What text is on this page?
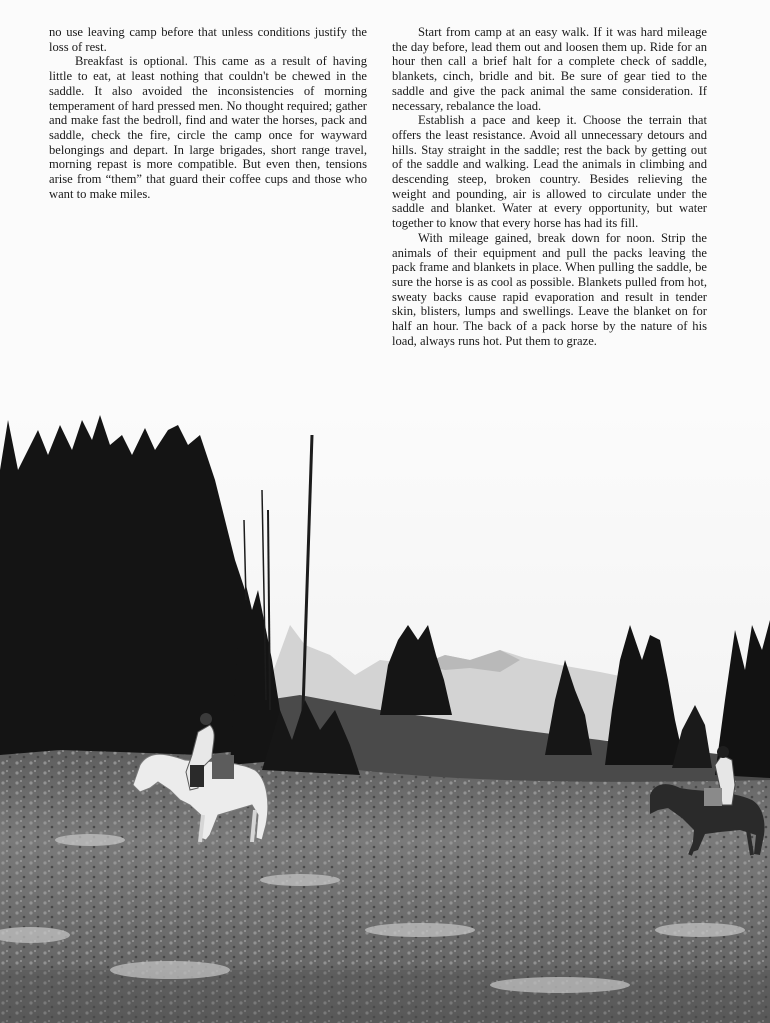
no use leaving camp before that unless conditions justify the loss of rest.

Breakfast is optional. This came as a result of having little to eat, at least nothing that couldn't be chewed in the saddle. It also avoided the inconsistencies of morning temperament of hard pressed men. No thought required; gather and make fast the bedroll, find and water the horses, pack and saddle, check the fire, circle the camp once for wayward belongings and depart. In large brigades, short range travel, morning repast is more compatible. But even then, tensions arise from “them” that guard their coffee cups and those who want to make miles.

Start from camp at an easy walk. If it was hard mileage the day before, lead them out and loosen them up. Ride for an hour then call a brief halt for a complete check of saddle, blankets, cinch, bridle and bit. Be sure of gear tied to the saddle and give the pack animal the same consideration. If necessary, rebalance the load.

Establish a pace and keep it. Choose the terrain that offers the least resistance. Avoid all unnecessary detours and hills. Stay straight in the saddle; rest the back by getting out of the saddle and walking. Lead the animals in climbing and descending steep, broken country. Besides relieving the weight and pounding, air is allowed to circulate under the saddle and blanket. Water at every opportunity, but water together to know that every horse has had its fill.

With mileage gained, break down for noon. Strip the animals of their equipment and pull the packs leaving the pack frame and blankets in place. When pulling the saddle, be sure the horse is as cool as possible. Blankets pulled from hot, sweaty backs cause rapid evaporation and result in tender skin, blisters, lumps and swellings. Leave the blanket on for half an hour. The back of a pack horse by the nature of his load, always runs hot. Put them to graze.
